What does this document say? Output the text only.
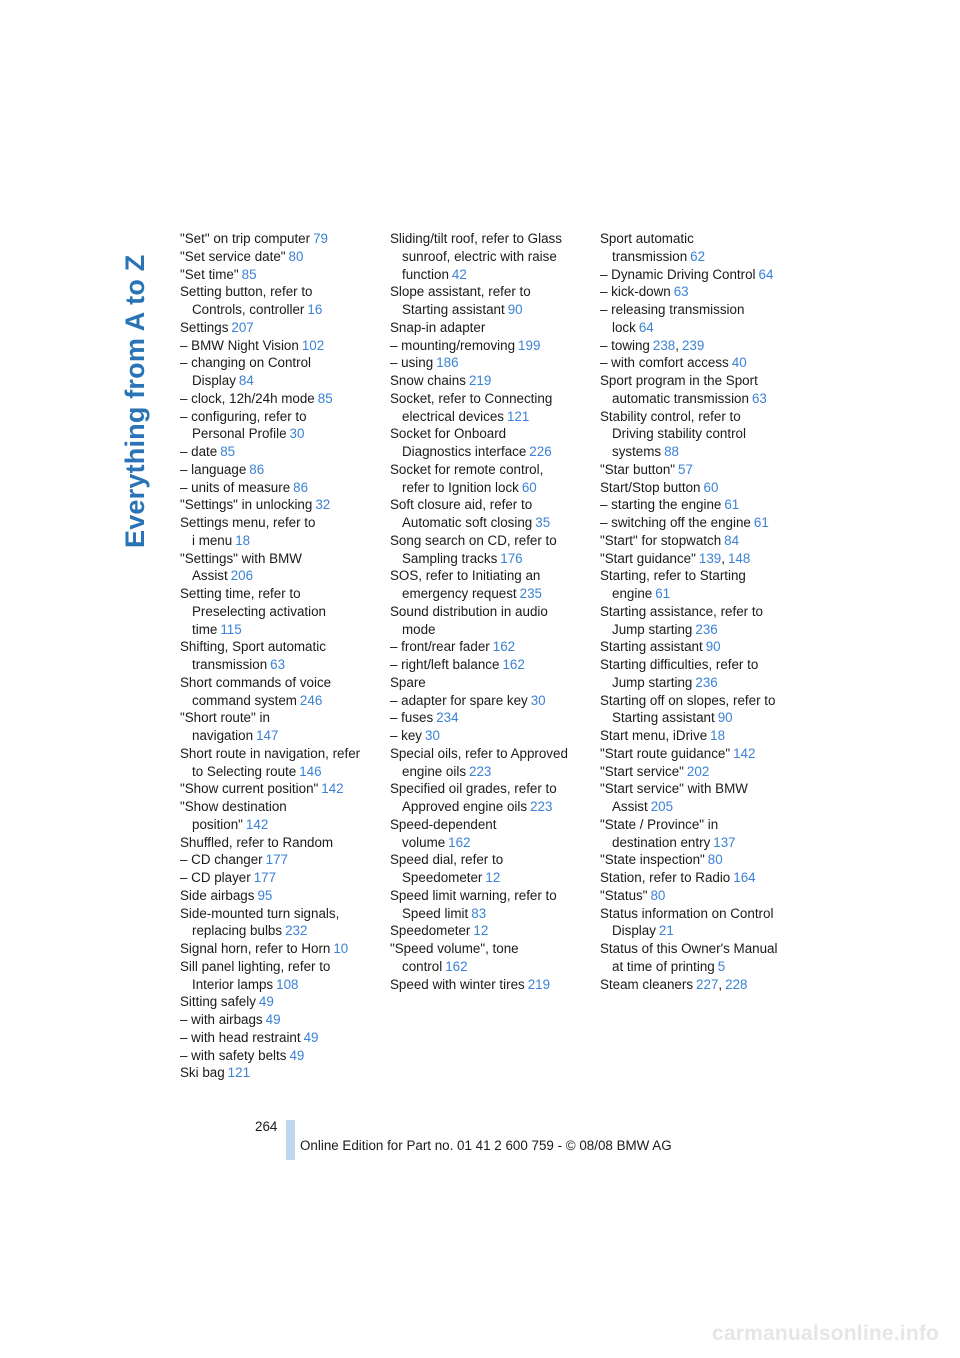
Everything from A to Z
"Set" on trip computer 79
"Set service date" 80
"Set time" 85
Setting button, refer to
Controls, controller 16
Settings 207
– BMW Night Vision 102
– changing on Control
Display 84
– clock, 12h/24h mode 85
– configuring, refer to
Personal Profile 30
– date 85
– language 86
– units of measure 86
"Settings" in unlocking 32
Settings menu, refer to
i menu 18
"Settings" with BMW
Assist 206
Setting time, refer to
Preselecting activation
time 115
Shifting, Sport automatic
transmission 63
Short commands of voice
command system 246
"Short route" in
navigation 147
Short route in navigation, refer
to Selecting route 146
"Show current position" 142
"Show destination
position" 142
Shuffled, refer to Random
– CD changer 177
– CD player 177
Side airbags 95
Side-mounted turn signals,
replacing bulbs 232
Signal horn, refer to Horn 10
Sill panel lighting, refer to
Interior lamps 108
Sitting safely 49
– with airbags 49
– with head restraint 49
– with safety belts 49
Ski bag 121
Sliding/tilt roof, refer to Glass
sunroof, electric with raise
function 42
Slope assistant, refer to
Starting assistant 90
Snap-in adapter
– mounting/removing 199
– using 186
Snow chains 219
Socket, refer to Connecting
electrical devices 121
Socket for Onboard
Diagnostics interface 226
Socket for remote control,
refer to Ignition lock 60
Soft closure aid, refer to
Automatic soft closing 35
Song search on CD, refer to
Sampling tracks 176
SOS, refer to Initiating an
emergency request 235
Sound distribution in audio
mode
– front/rear fader 162
– right/left balance 162
Spare
– adapter for spare key 30
– fuses 234
– key 30
Special oils, refer to Approved
engine oils 223
Specified oil grades, refer to
Approved engine oils 223
Speed-dependent
volume 162
Speed dial, refer to
Speedometer 12
Speed limit warning, refer to
Speed limit 83
Speedometer 12
"Speed volume", tone
control 162
Speed with winter tires 219
Sport automatic
transmission 62
– Dynamic Driving Control 64
– kick-down 63
– releasing transmission
lock 64
– towing 238, 239
– with comfort access 40
Sport program in the Sport
automatic transmission 63
Stability control, refer to
Driving stability control
systems 88
"Star button" 57
Start/Stop button 60
– starting the engine 61
– switching off the engine 61
"Start" for stopwatch 84
"Start guidance" 139, 148
Starting, refer to Starting
engine 61
Starting assistance, refer to
Jump starting 236
Starting assistant 90
Starting difficulties, refer to
Jump starting 236
Starting off on slopes, refer to
Starting assistant 90
Start menu, iDrive 18
"Start route guidance" 142
"Start service" 202
"Start service" with BMW
Assist 205
"State / Province" in
destination entry 137
"State inspection" 80
Station, refer to Radio 164
"Status" 80
Status information on Control
Display 21
Status of this Owner's Manual
at time of printing 5
Steam cleaners 227, 228
264
Online Edition for Part no. 01 41 2 600 759 - © 08/08 BMW AG
carmanualsonline.info
